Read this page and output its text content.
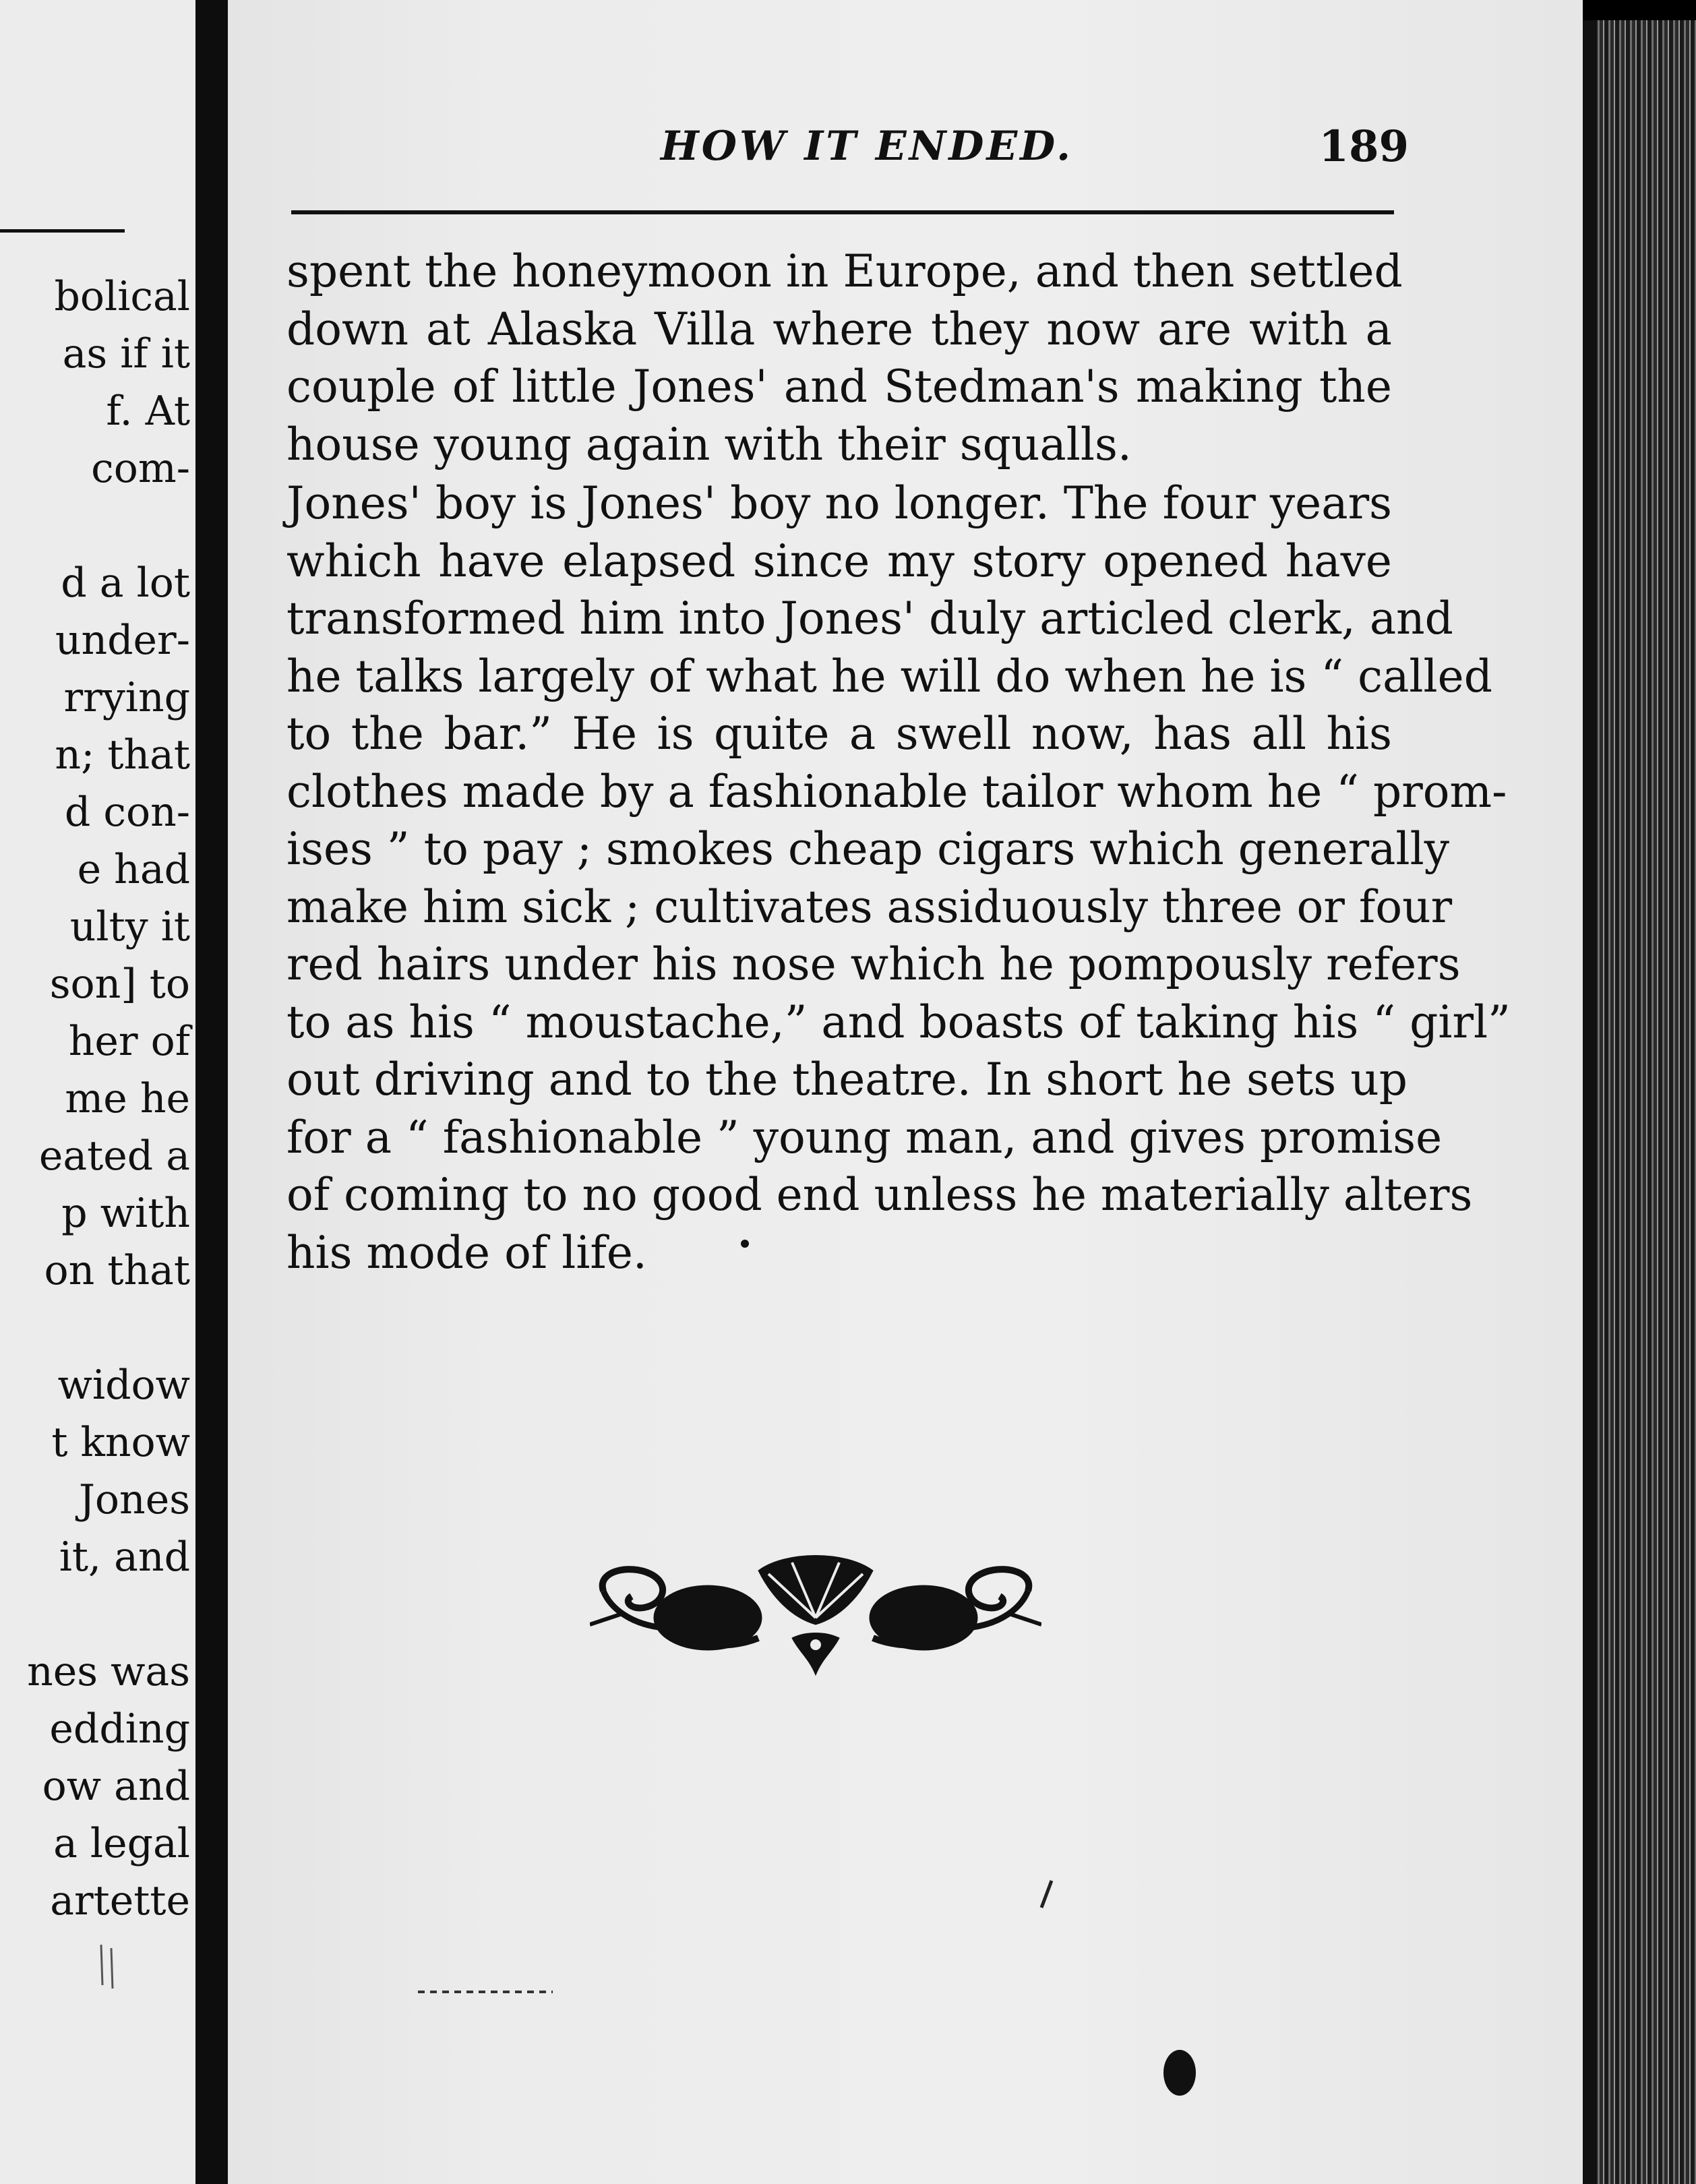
bolical
as if it
f. At
com-
d a lot
under-
rrying
n; that
d con-
e had
ulty it
son] to
her of
me he
eated a
p with
on that
widow
t know
Jones
it, and
nes was
edding
ow and
a legal
artette
HOW IT ENDED.	189
spent the honeymoon in Europe, and then settled
down at Alaska Villa where they now are with a
couple of little Jones' and Stedman's making the
house young again with their squalls.
Jones' boy is Jones' boy no longer. The four years
which have elapsed since my story opened have
transformed him into Jones' duly articled clerk, and
he talks largely of what he will do when he is “ called
to the bar.” He is quite a swell now, has all his
clothes made by a fashionable tailor whom he “ prom-
ises ” to pay ; smokes cheap cigars which generally
make him sick ; cultivates assiduously three or four
red hairs under his nose which he pompously refers
to as his “ moustache,” and boasts of taking his “ girl”
out driving and to the theatre. In short he sets up
for a “ fashionable ” young man, and gives promise
of coming to no good end unless he materially alters
his mode of life.
